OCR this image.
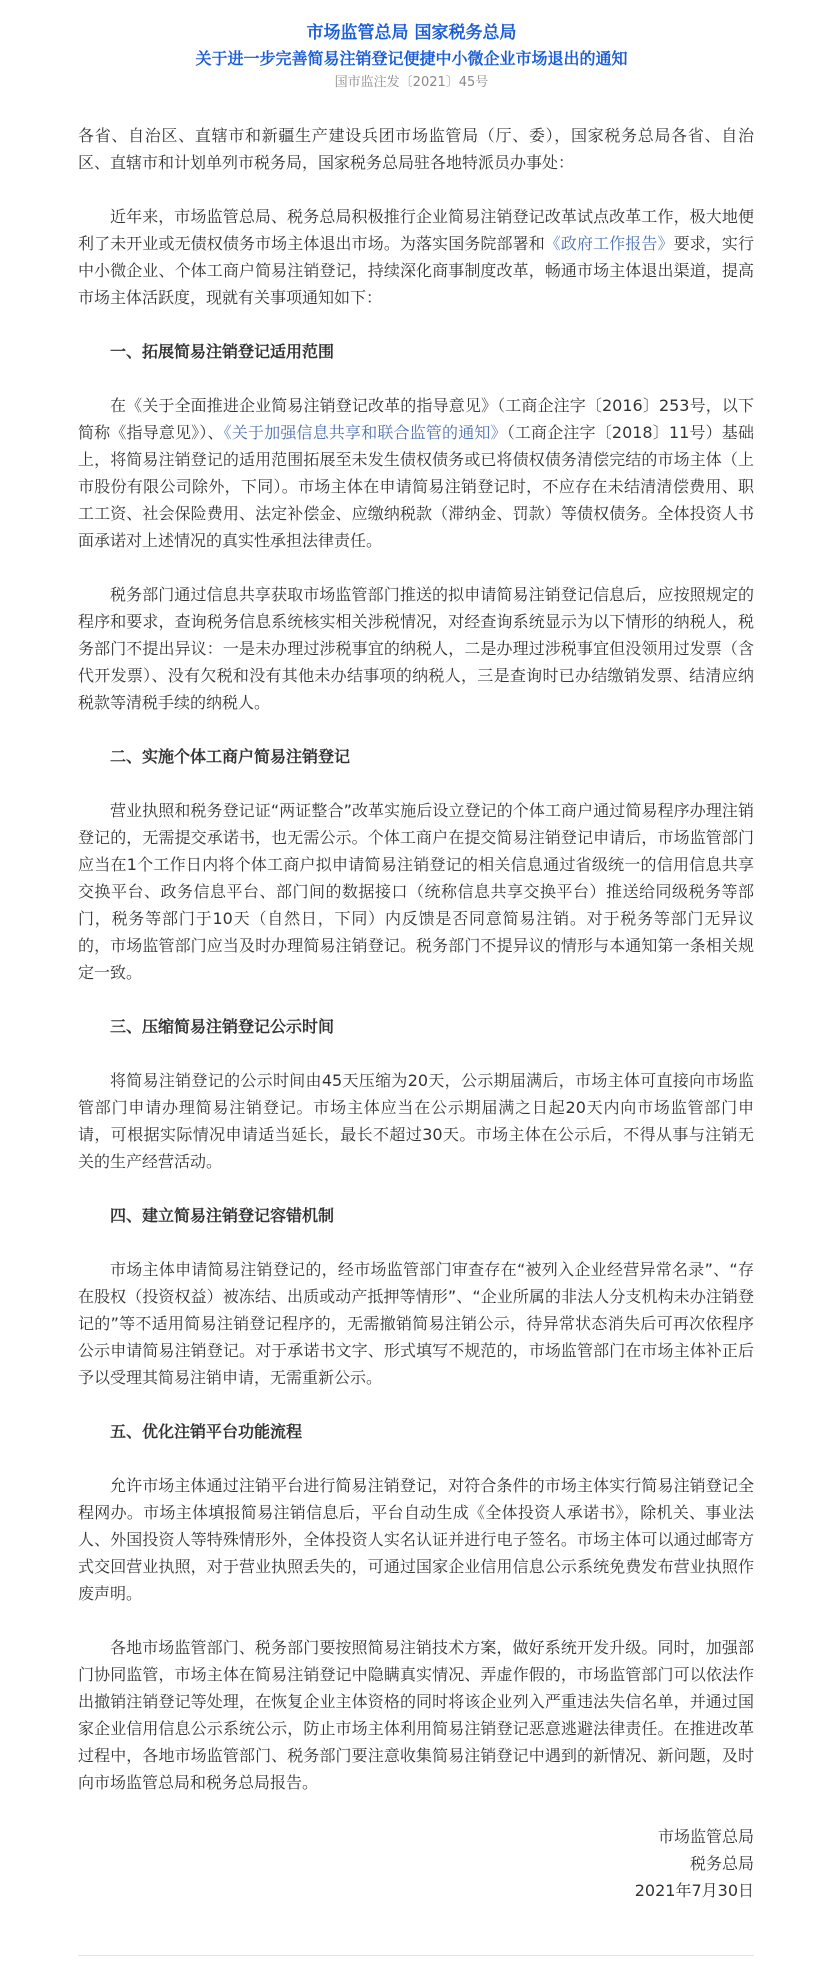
市场监管总局 国家税务总局
关于进一步完善简易注销登记便捷中小微企业市场退出的通知
国市监注发〔2021〕45号

各省、自治区、直辖市和新疆生产建设兵团市场监管局（厅、委），国家税务总局各省、自治区、直辖市和计划单列市税务局，国家税务总局驻各地特派员办事处：

近年来，市场监管总局、税务总局积极推行企业简易注销登记改革试点改革工作，极大地便利了未开业或无债权债务市场主体退出市场。为落实国务院部署和《政府工作报告》要求，实行中小微企业、个体工商户简易注销登记，持续深化商事制度改革，畅通市场主体退出渠道，提高市场主体活跃度，现就有关事项通知如下：

一、拓展简易注销登记适用范围

在《关于全面推进企业简易注销登记改革的指导意见》（工商企注字〔2016〕253号，以下简称《指导意见》）、《关于加强信息共享和联合监管的通知》（工商企注字〔2018〕11号）基础上，将简易注销登记的适用范围拓展至未发生债权债务或已将债权债务清偿完结的市场主体（上市股份有限公司除外，下同）。市场主体在申请简易注销登记时，不应存在未结清清偿费用、职工工资、社会保险费用、法定补偿金、应缴纳税款（滞纳金、罚款）等债权债务。全体投资人书面承诺对上述情况的真实性承担法律责任。

税务部门通过信息共享获取市场监管部门推送的拟申请简易注销登记信息后，应按照规定的程序和要求，查询税务信息系统核实相关涉税情况，对经查询系统显示为以下情形的纳税人，税务部门不提出异议：一是未办理过涉税事宜的纳税人，二是办理过涉税事宜但没领用过发票（含代开发票）、没有欠税和没有其他未办结事项的纳税人，三是查询时已办结缴销发票、结清应纳税款等清税手续的纳税人。

二、实施个体工商户简易注销登记

营业执照和税务登记证“两证整合”改革实施后设立登记的个体工商户通过简易程序办理注销登记的，无需提交承诺书，也无需公示。个体工商户在提交简易注销登记申请后，市场监管部门应当在1个工作日内将个体工商户拟申请简易注销登记的相关信息通过省级统一的信用信息共享交换平台、政务信息平台、部门间的数据接口（统称信息共享交换平台）推送给同级税务等部门，税务等部门于10天（自然日，下同）内反馈是否同意简易注销。对于税务等部门无异议的，市场监管部门应当及时办理简易注销登记。税务部门不提异议的情形与本通知第一条相关规定一致。

三、压缩简易注销登记公示时间

将简易注销登记的公示时间由45天压缩为20天，公示期届满后，市场主体可直接向市场监管部门申请办理简易注销登记。市场主体应当在公示期届满之日起20天内向市场监管部门申请，可根据实际情况申请适当延长，最长不超过30天。市场主体在公示后，不得从事与注销无关的生产经营活动。

四、建立简易注销登记容错机制

市场主体申请简易注销登记的，经市场监管部门审查存在“被列入企业经营异常名录”、“存在股权（投资权益）被冻结、出质或动产抵押等情形”、“企业所属的非法人分支机构未办注销登记的”等不适用简易注销登记程序的，无需撤销简易注销公示，待异常状态消失后可再次依程序公示申请简易注销登记。对于承诺书文字、形式填写不规范的，市场监管部门在市场主体补正后予以受理其简易注销申请，无需重新公示。

五、优化注销平台功能流程

允许市场主体通过注销平台进行简易注销登记，对符合条件的市场主体实行简易注销登记全程网办。市场主体填报简易注销信息后，平台自动生成《全体投资人承诺书》，除机关、事业法人、外国投资人等特殊情形外，全体投资人实名认证并进行电子签名。市场主体可以通过邮寄方式交回营业执照，对于营业执照丢失的，可通过国家企业信用信息公示系统免费发布营业执照作废声明。

各地市场监管部门、税务部门要按照简易注销技术方案，做好系统开发升级。同时，加强部门协同监管，市场主体在简易注销登记中隐瞒真实情况、弄虚作假的，市场监管部门可以依法作出撤销注销登记等处理，在恢复企业主体资格的同时将该企业列入严重违法失信名单，并通过国家企业信用信息公示系统公示，防止市场主体利用简易注销登记恶意逃避法律责任。在推进改革过程中，各地市场监管部门、税务部门要注意收集简易注销登记中遇到的新情况、新问题，及时向市场监管总局和税务总局报告。

市场监管总局
税务总局
2021年7月30日
